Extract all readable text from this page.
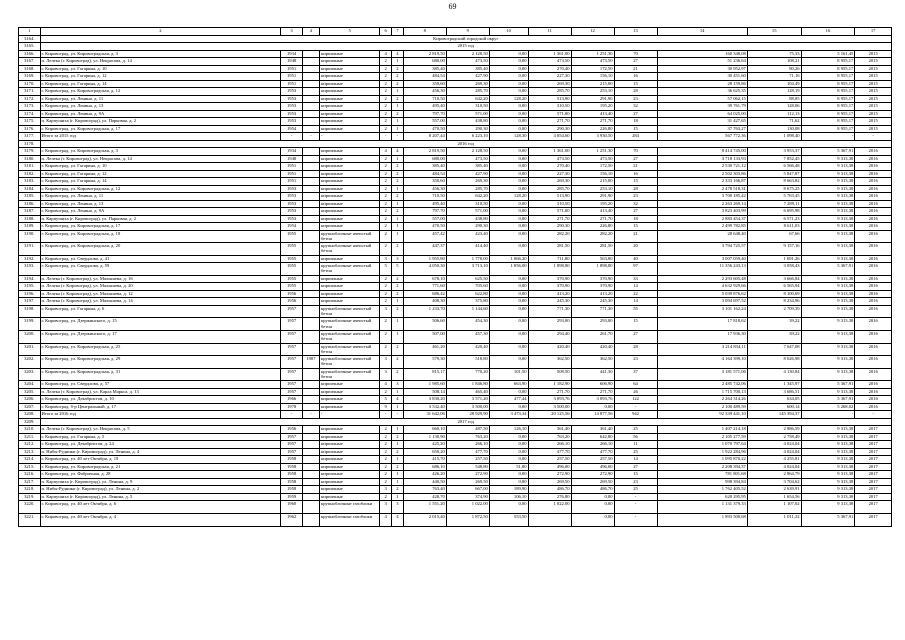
69
1	2	3	4	5	6	7	8	9	10	11	12	13	14	15	16	17
3164.	Кировоградский городской округ															
3165.	2015 год															
3166.	г. Кировоград, ул. Кировоградская, д. 3	1934		кирпичные	4	4	2 819,50	2 128,50	0,00	1 361,00	1 251,30	70	160 348,08	75,33	5 161,45	2015
3167.	п. Лелека (г. Кировоград), ул. Некрасова, д. 14	1948		кирпичные	2	1	680,00	473,50	0,00	473,50	473,50	27	51 236,64	108,21	8 955,17	2015
3168.	г. Кировоград, ул. Гагарина, д. 10	1951		кирпичные	2	2	385,40	385,40	0,00	270,40	172,50	21	30 952,97	80,26	8 955,17	2015
3169.	г. Кировоград, ул. Гагарина, д. 12	1951		кирпичные	2	2	484,54	427,90	0,00	227,30	156,10	16	30 451,60	71,16	8 955,17	2015
3170.	г. Кировоград, ул. Гагарина, д. 14	1951		кирпичные	2	2	350,60	269,30	0,00	269,30	215,00	15	28 159,86	104,49	8 955,17	2015
3171.	г. Кировоград, ул. Кировоградская, д. 12	1953		кирпичные	2	1	456,30	285,70	0,00	285,70	253,10	28	36 625,35	128,19	8 955,17	2015
3172.	г. Кировоград, ул. Ленина, д. 11	1953		кирпичные	2	2	710,50	642,20	128,20	513,90	291,90	23	57 062,15	88,85	8 955,17	2015
3173.	г. Кировоград, ул. Ленина, д. 13	1953		кирпичные	2	1	495,40	310,50	0,00	310,50	195,20	32	39 761,79	128,06	8 955,17	2015
3174.	г. Кировоград, ул. Ленина, д. 9А	1953		кирпичные	2	2	797,70	571,00	0,00	571,00	413,40	27	64 025,00	112,13	8 955,17	2015
3175.	п. Карпушиха (г. Кировоград), ул. Парковая, д. 2	1953		кирпичные	2	1	557,00	438,80	0,00	271,70	271,70	18	31 427,65	71,62	8 955,17	2015
3176.	г. Кировоград, ул. Кировоградская, д. 17	1954		кирпичные	2	1	470,50	290,30	0,00	290,30	226,80	15	37 763,27	130,08	8 955,17	2015
3177.	Итого за 2015 год	-	-	-	-	-	8 207,44	6 223,10	128,30	4 854,60	3 930,50	284	567 772,36	1 098,40	-	-
3178.	2016 год															
3179.	г. Кировоград, ул. Кировоградская, д. 3	1934		кирпичные	4	4	2 819,50	2 128,50	0,00	1 361,00	1 251,30	70	8 414 745,00	3 953,37	5 367,91	2016
3180.	п. Лелека (г. Кировоград), ул. Некрасова, д. 14	1948		кирпичные	2	1	680,00	473,50	0,00	473,50	473,50	27	3 718 133,93	7 852,45	9 313,38	2016
3181.	г. Кировоград, ул. Гагарина, д. 10	1951		кирпичные	2	2	385,40	385,40	0,00	270,40	172,50	21	2 530 721,12	6 566,48	9 313,38	2016
3182.	г. Кировоград, ул. Гагарина, д. 12	1951		кирпичные	2	2	484,54	427,90	0,00	227,30	156,10	16	2 502 303,86	5 847,87	9 313,38	2016
3183.	г. Кировоград, ул. Гагарина, д. 14	1951		кирпичные	2	2	350,60	269,30	0,00	269,30	215,00	15	2 333 166,87	8 663,82	9 313,38	2016
3184.	г. Кировоград, ул. Кировоградская, д. 12	1953		кирпичные	2	1	456,30	285,70	0,00	285,70	253,10	28	2 478 518,31	8 675,25	9 313,38	2016
3185.	г. Кировоград, ул. Ленина, д. 11	1953		кирпичные	2	2	710,50	642,20	128,20	513,90	291,90	23	3 700 185,42	5 763,45	9 313,38	2016
3186.	г. Кировоград, ул. Ленина, д. 13	1953		кирпичные	2	1	495,40	310,50	0,00	310,50	195,20	32	2 263 269,14	7 289,11	9 313,38	2016
3187.	г. Кировоград, ул. Ленина, д. 9А	1953		кирпичные	2	2	797,70	571,00	0,00	571,00	413,40	27	3 823 403,99	6 695,98	9 313,38	2016
3188.	п. Карпушиха (г. Кировоград), ул. Парковая, д. 2	1953		кирпичные	2	1	557,00	438,80	0,00	271,70	271,70	18	2 883 454,37	6 571,23	9 313,38	2016
3189.	г. Кировоград, ул. Кировоградская, д. 17	1954		кирпичные	2	1	470,50	290,30	0,00	290,30	226,80	15	2 499 782,85	8 611,03	9 313,38	2016
3190.	г. Кировоград, ул. Кировоградская, д. 18	1955		крупноблочные ячеистый бетон	2	1	457,42	423,40	0,00	282,20	282,20	21	28 648,40	67,66	9 313,38	2016
3191.	г. Кировоград, ул. Кировоградская, д. 20	1955		крупноблочные ячеистый бетон	2	2	447,37	414,40	0,00	281,50	281,50	20	3 794 725,57	9 157,16	9 313,38	2016
3192.	г. Кировоград, ул. Свердлова, д. 41	1955		кирпичные	3	3	1 955,80	1 778,00	1 066,20	711,80	563,80	40	3 007 059,40	1 691,26	9 313,38	2016
3193.	г. Кировоград, ул. Свердлова, д. 59	1955		крупноблочные ячеистый бетон	5	5	4 050,30	3 713,10	1 056,00	1 898,80	1 898,80	97	11 356 243,13	3 058,43	5 367,91	2016
3194.	п. Лелека (г. Кировоград), ул. Малышева, д. 16	1955		кирпичные	2	2	678,10	625,50	0,00	370,90	370,90	33	2 293 605,48	3 666,84	9 313,38	2016
3195.	п. Лелека (г. Кировоград), ул. Малышева, д. 20	1955		кирпичные	2	2	771,60	705,60	0,00	370,90	370,90	14	4 632 929,66	6 565,94	9 313,38	2016
3196.	п. Лелека (г. Кировоград), ул. Малышева, д. 12	1956		кирпичные	2	2	686,42	622,80	0,00	413,20	413,20	22	5 039 876,62	8 100,69	9 313,38	2016
3197.	п. Лелека (г. Кировоград), ул. Малышева, д. 14	1956		кирпичные	2	1	408,30	375,80	0,00	245,30	245,30	14	3 094 697,52	8 234,96	9 313,38	2016
3198.	г. Кировоград, ул. Гагарина, д. 6	1957		крупноблочные ячеистый бетон	3	2	1 233,70	1 144,60	0,00	771,30	771,30	55	3 101 162,24	2 709,39	9 313,38	2016
3199.	г. Кировоград, ул. Дзержинского, д. 15	1957		крупноблочные ячеистый бетон	2	1	506,60	454,30	0,00	293,00	293,00	15	17 818,62	39,22	9 313,38	2016
3200.	г. Кировоград, ул. Дзержинского, д. 17	1957		крупноблочные ячеистый бетон	2	1	507,00	457,30	0,00	294,40	261,70	27	17 936,30	39,22	9 313,38	2016
3201.	г. Кировоград, ул. Кировоградская, д. 25	1957		крупноблочные ячеистый бетон	2	2	461,20	420,40	0,00	420,40	420,40	28	3 214 834,11	7 647,08	9 313,38	2016
3202.	г. Кировоград, ул. Кировоградская, д. 29	1957	1987	крупноблочные ячеистый бетон	3	2	579,30	518,80	0,00	362,50	362,50	23	4 164 399,10	8 026,98	9 313,38	2016
3203.	г. Кировоград, ул. Кировоградская, д. 31	1957		крупноблочные ячеистый бетон	3	2	815,17	770,20	101,50	508,50	441,30	37	3 181 571,06	4 130,84	9 313,38	2016
3204.	г. Кировоград, ул. Свердлова, д. 57	1957		кирпичные	4	3	1 985,60	1 846,80	663,90	1 182,90	606,90	64	2 485 742,06	1 345,97	5 367,91	2016
3205.	п. Лелека (г. Кировоград), ул. Карла Маркса, д. 13	1957		кирпичные	2	1	508,14	465,40	0,00	271,70	271,70	26	1 715 700,13	3 686,51	9 313,38	2016
3206.	г. Кировоград, ул. Декабристов, д. 10	1966		кирпичные	5	4	3 830,20	3 571,20	477,44	3 093,76	3 093,76	122	2 264 314,26	634,05	5 367,91	2016
3207.	г. Кировоград, б-р Центральный, д. 17	1978		кирпичные	9	1	3 532,40	3 500,00	0,00	3 500,00	0,00	-	2 100 489,59	600,14	5 268,02	2016
3208.	Итого за 2016 год	-	-	-	-	-	31 642,06	28 929,90	3 473,34	20 125,56	14 877,56	942	92 339 441,10	145 394,37	-	-
3209.	2017 год															
3210.	п. Лелека (г. Кировоград), ул. Некрасова, д. 5	1956		кирпичные	2	1	660,10	487,50	126,10	361,40	361,40	25	1 407 214,18	2 886,59	9 313,38	2017
3211.	г. Кировоград, ул. Гагарина, д. 5	1957		кирпичные	2	2	1 130,90	763,20	0,00	763,20	642,80	56	2 105 277,59	2 758,49	9 313,38	2017
3212.	г. Кировоград, ул. Декабристов, д. 24	1957		кирпичные	2	1	425,20	266,10	0,00	266,10	266,10	11	1 070 797,64	4 024,04	9 313,38	2017
3213.	п. Нибы-Рудники (г. Кировоград), ул. Ленина, д. 4	1957		кирпичные	2	2	650,20	477,70	0,00	477,70	477,70	25	1 922 284,96	4 024,04	9 313,38	2017
3214.	г. Кировоград, ул. 40 лет Октября, д. 19	1958		кирпичные	2	1	415,70	257,50	0,00	257,50	257,50	14	1 095 870,22	4 255,81	9 313,38	2017
3215.	г. Кировоград, ул. Кировоградская, д. 21	1958		кирпичные	2	2	686,10	548,80	51,80	496,00	496,00	27	2 208 394,37	4 024,04	9 313,38	2017
3216.	г. Кировоград, ул. Фабричная, д. 28	1958		кирпичные	2	1	426,20	272,90	0,00	272,90	272,90	15	781 801,68	2 864,79	9 313,38	2017
3217.	п. Карпушиха (г. Кировоград), ул. Ленина, д. 9	1958		кирпичные	2	1	440,50	269,50	0,00	269,50	269,50	23	998 394,84	3 704,62	9 313,38	2017
3218.	п. Нибы-Рудники (г. Кировоград), ул. Ленина, д. 2	1958		кирпичные	3	2	763,40	667,00	189,90	486,70	486,70	25	1 762 405,52	2 639,91	9 313,38	2017
3219.	п. Карпушиха (г. Кировоград), ул. Ленина, д. 5	1959		кирпичные	2	1	428,70	374,90	106,10	276,80	0,00	-	620 295,95	1 654,56	9 313,38	2017
3220.	г. Кировоград, ул. 40 лет Октября, д. 6	1960		крупноблочные газоблоки	3	3	1 551,20	1 022,00	0,00	1 022,00	0,00	-	1 131 379,33	1 107,02	9 313,38	2017
3221.	г. Кировоград, ул. 40 лет Октября, д. 4	1962		крупноблочные газоблоки	4	4	2 015,40	1 872,50	553,50		0,00	-	1 893 500,68	1 011,22	5 367,91	2017
